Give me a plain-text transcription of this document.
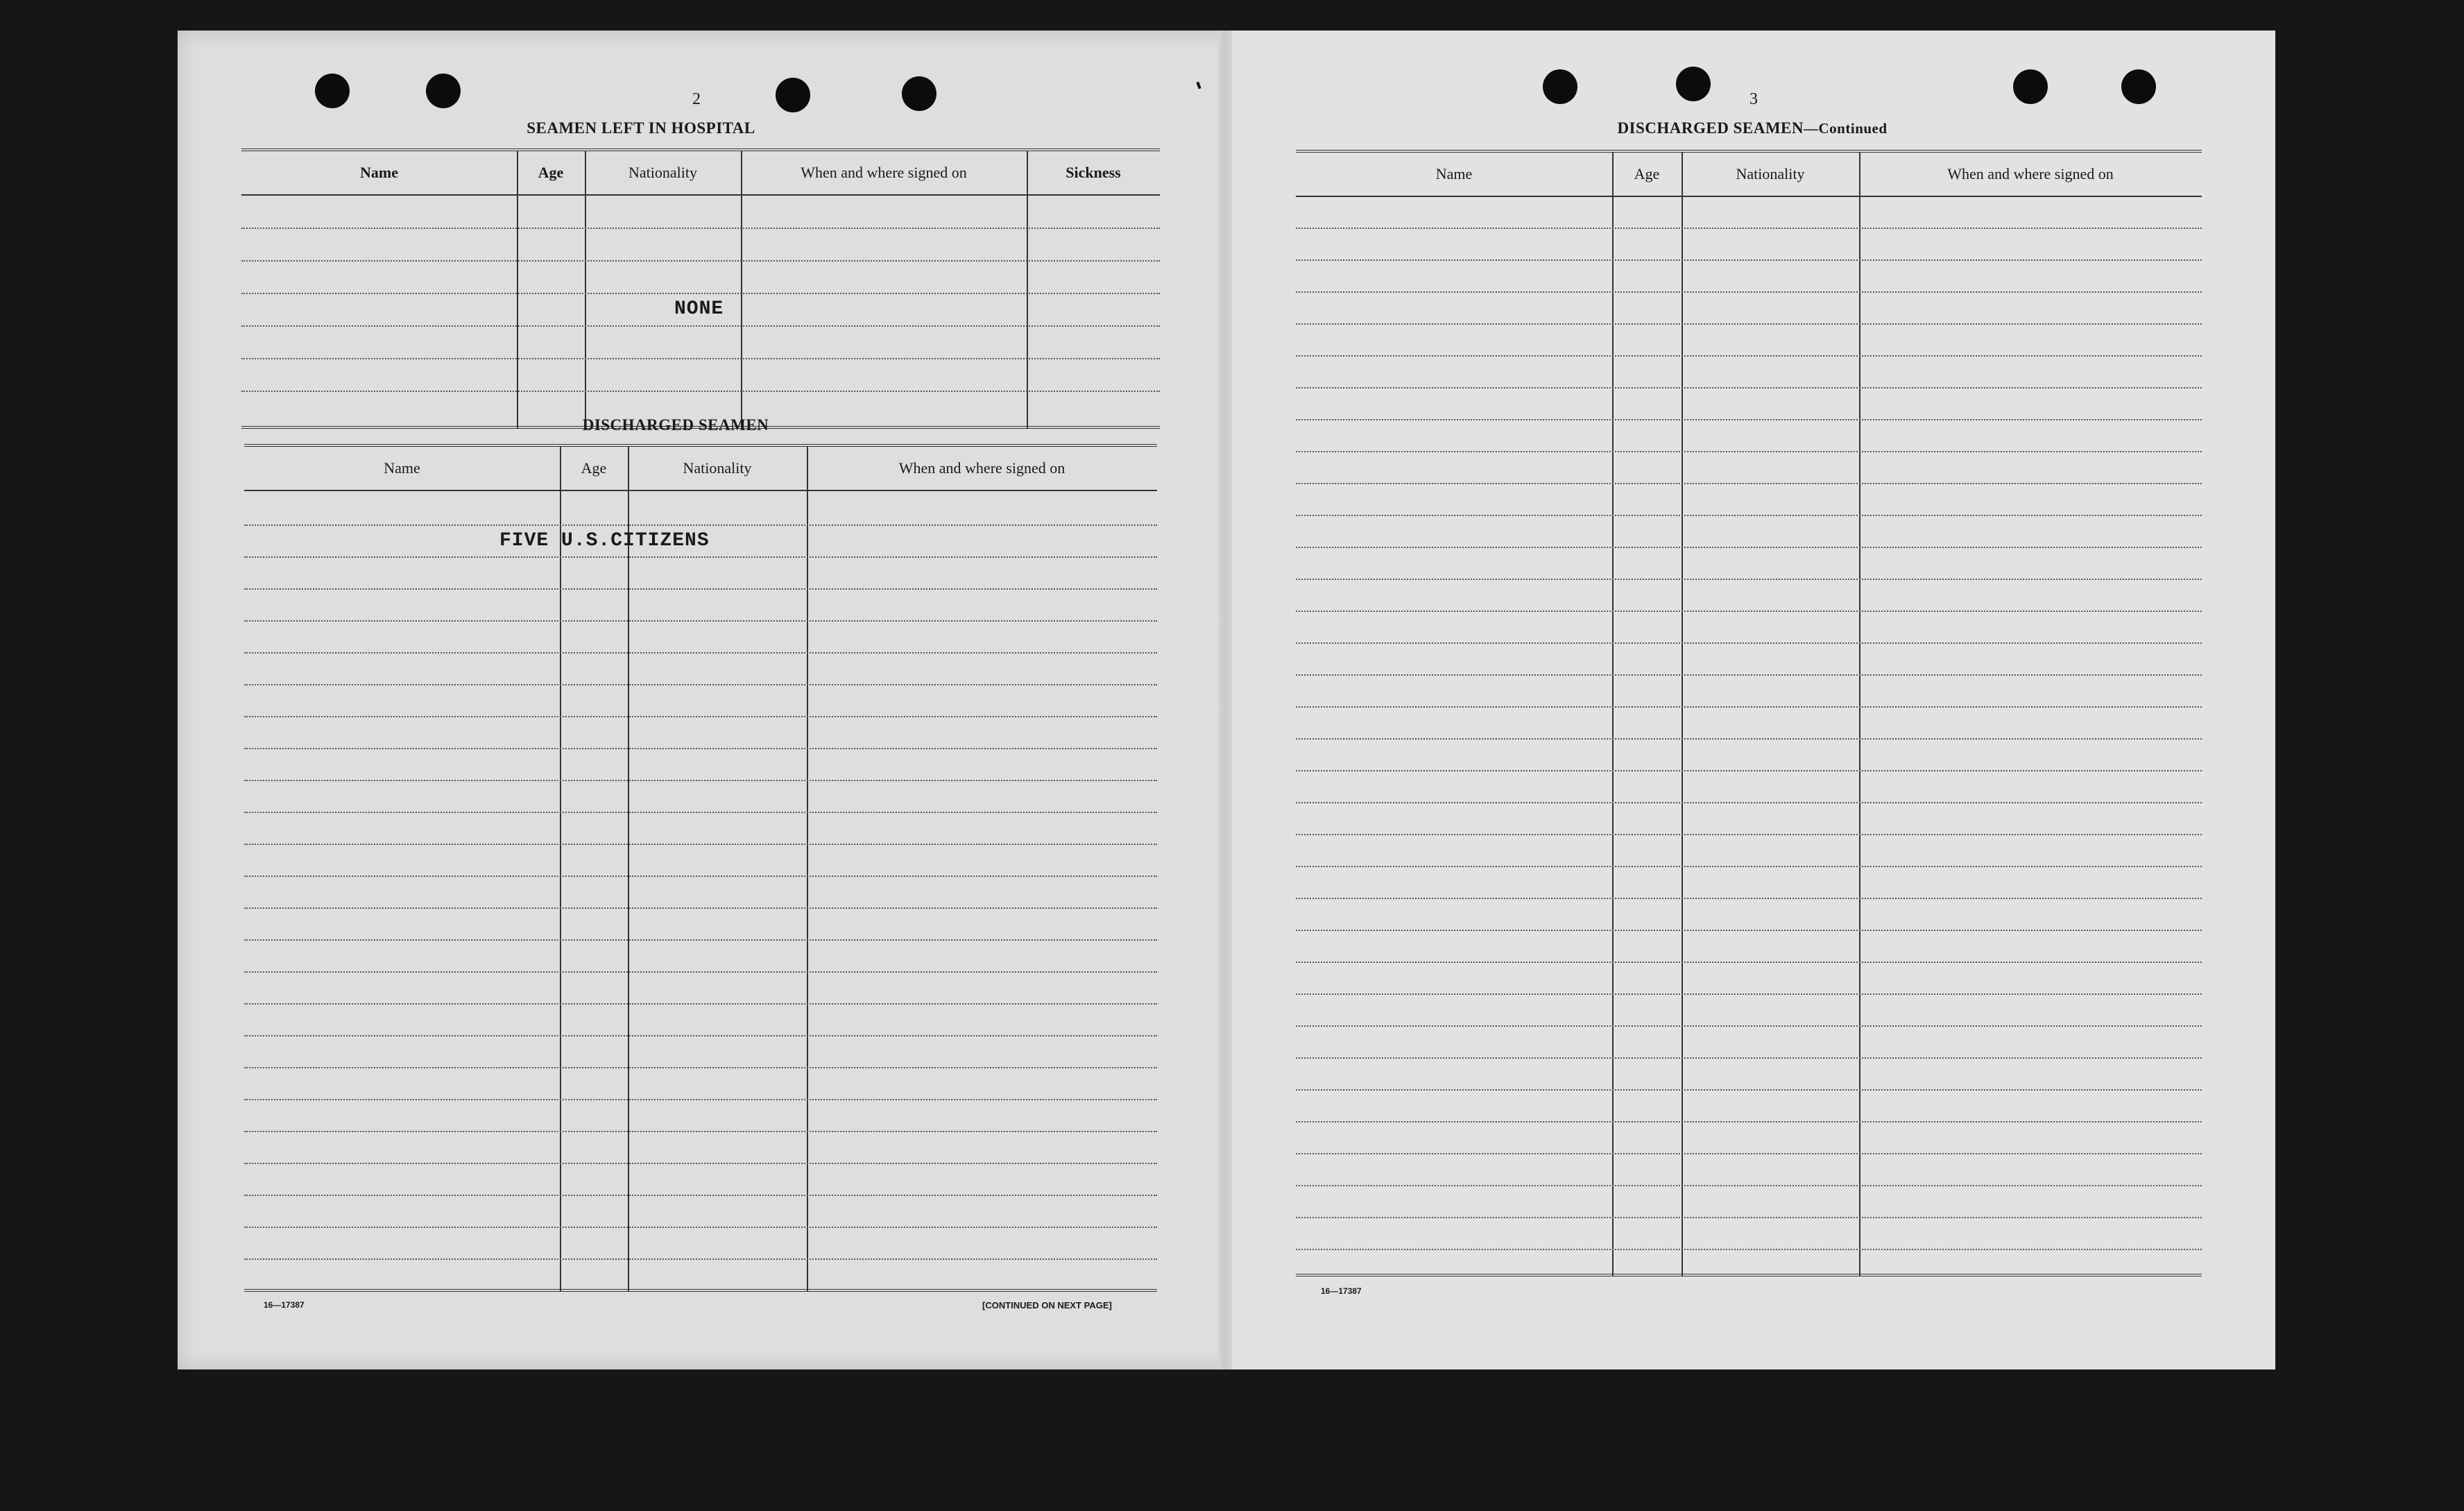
2
SEAMEN LEFT IN HOSPITAL
Name	Age	Nationality	When and where signed on	Sickness
NONE
DISCHARGED SEAMEN
Name	Age	Nationality	When and where signed on
FIVE U.S.CITIZENS
16—17387	[CONTINUED ON NEXT PAGE]
3
DISCHARGED SEAMEN—Continued
Name	Age	Nationality	When and where signed on
16—17387
